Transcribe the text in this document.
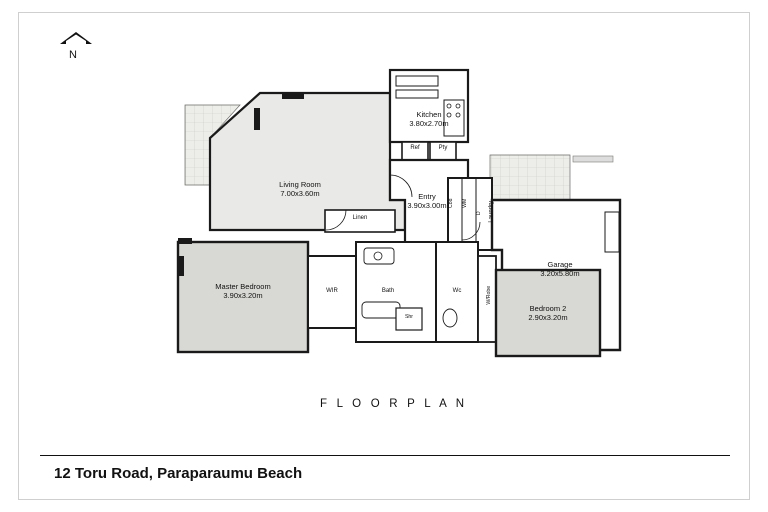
N
Kitchen
3.80x2.70m
Living Room
7.00x3.60m	Entry
3.90x3.00m
Master Bedroom
3.90x3.20m
Bedroom 2
2.90x3.20m
Garage
3.20x5.80m
Ref	Pty
Linen
Cbd WM
D Laundry
WIR	Bath	Wc
Shr
W/Robe
F L O O R P L A N
12 Toru Road, Paraparaumu Beach
